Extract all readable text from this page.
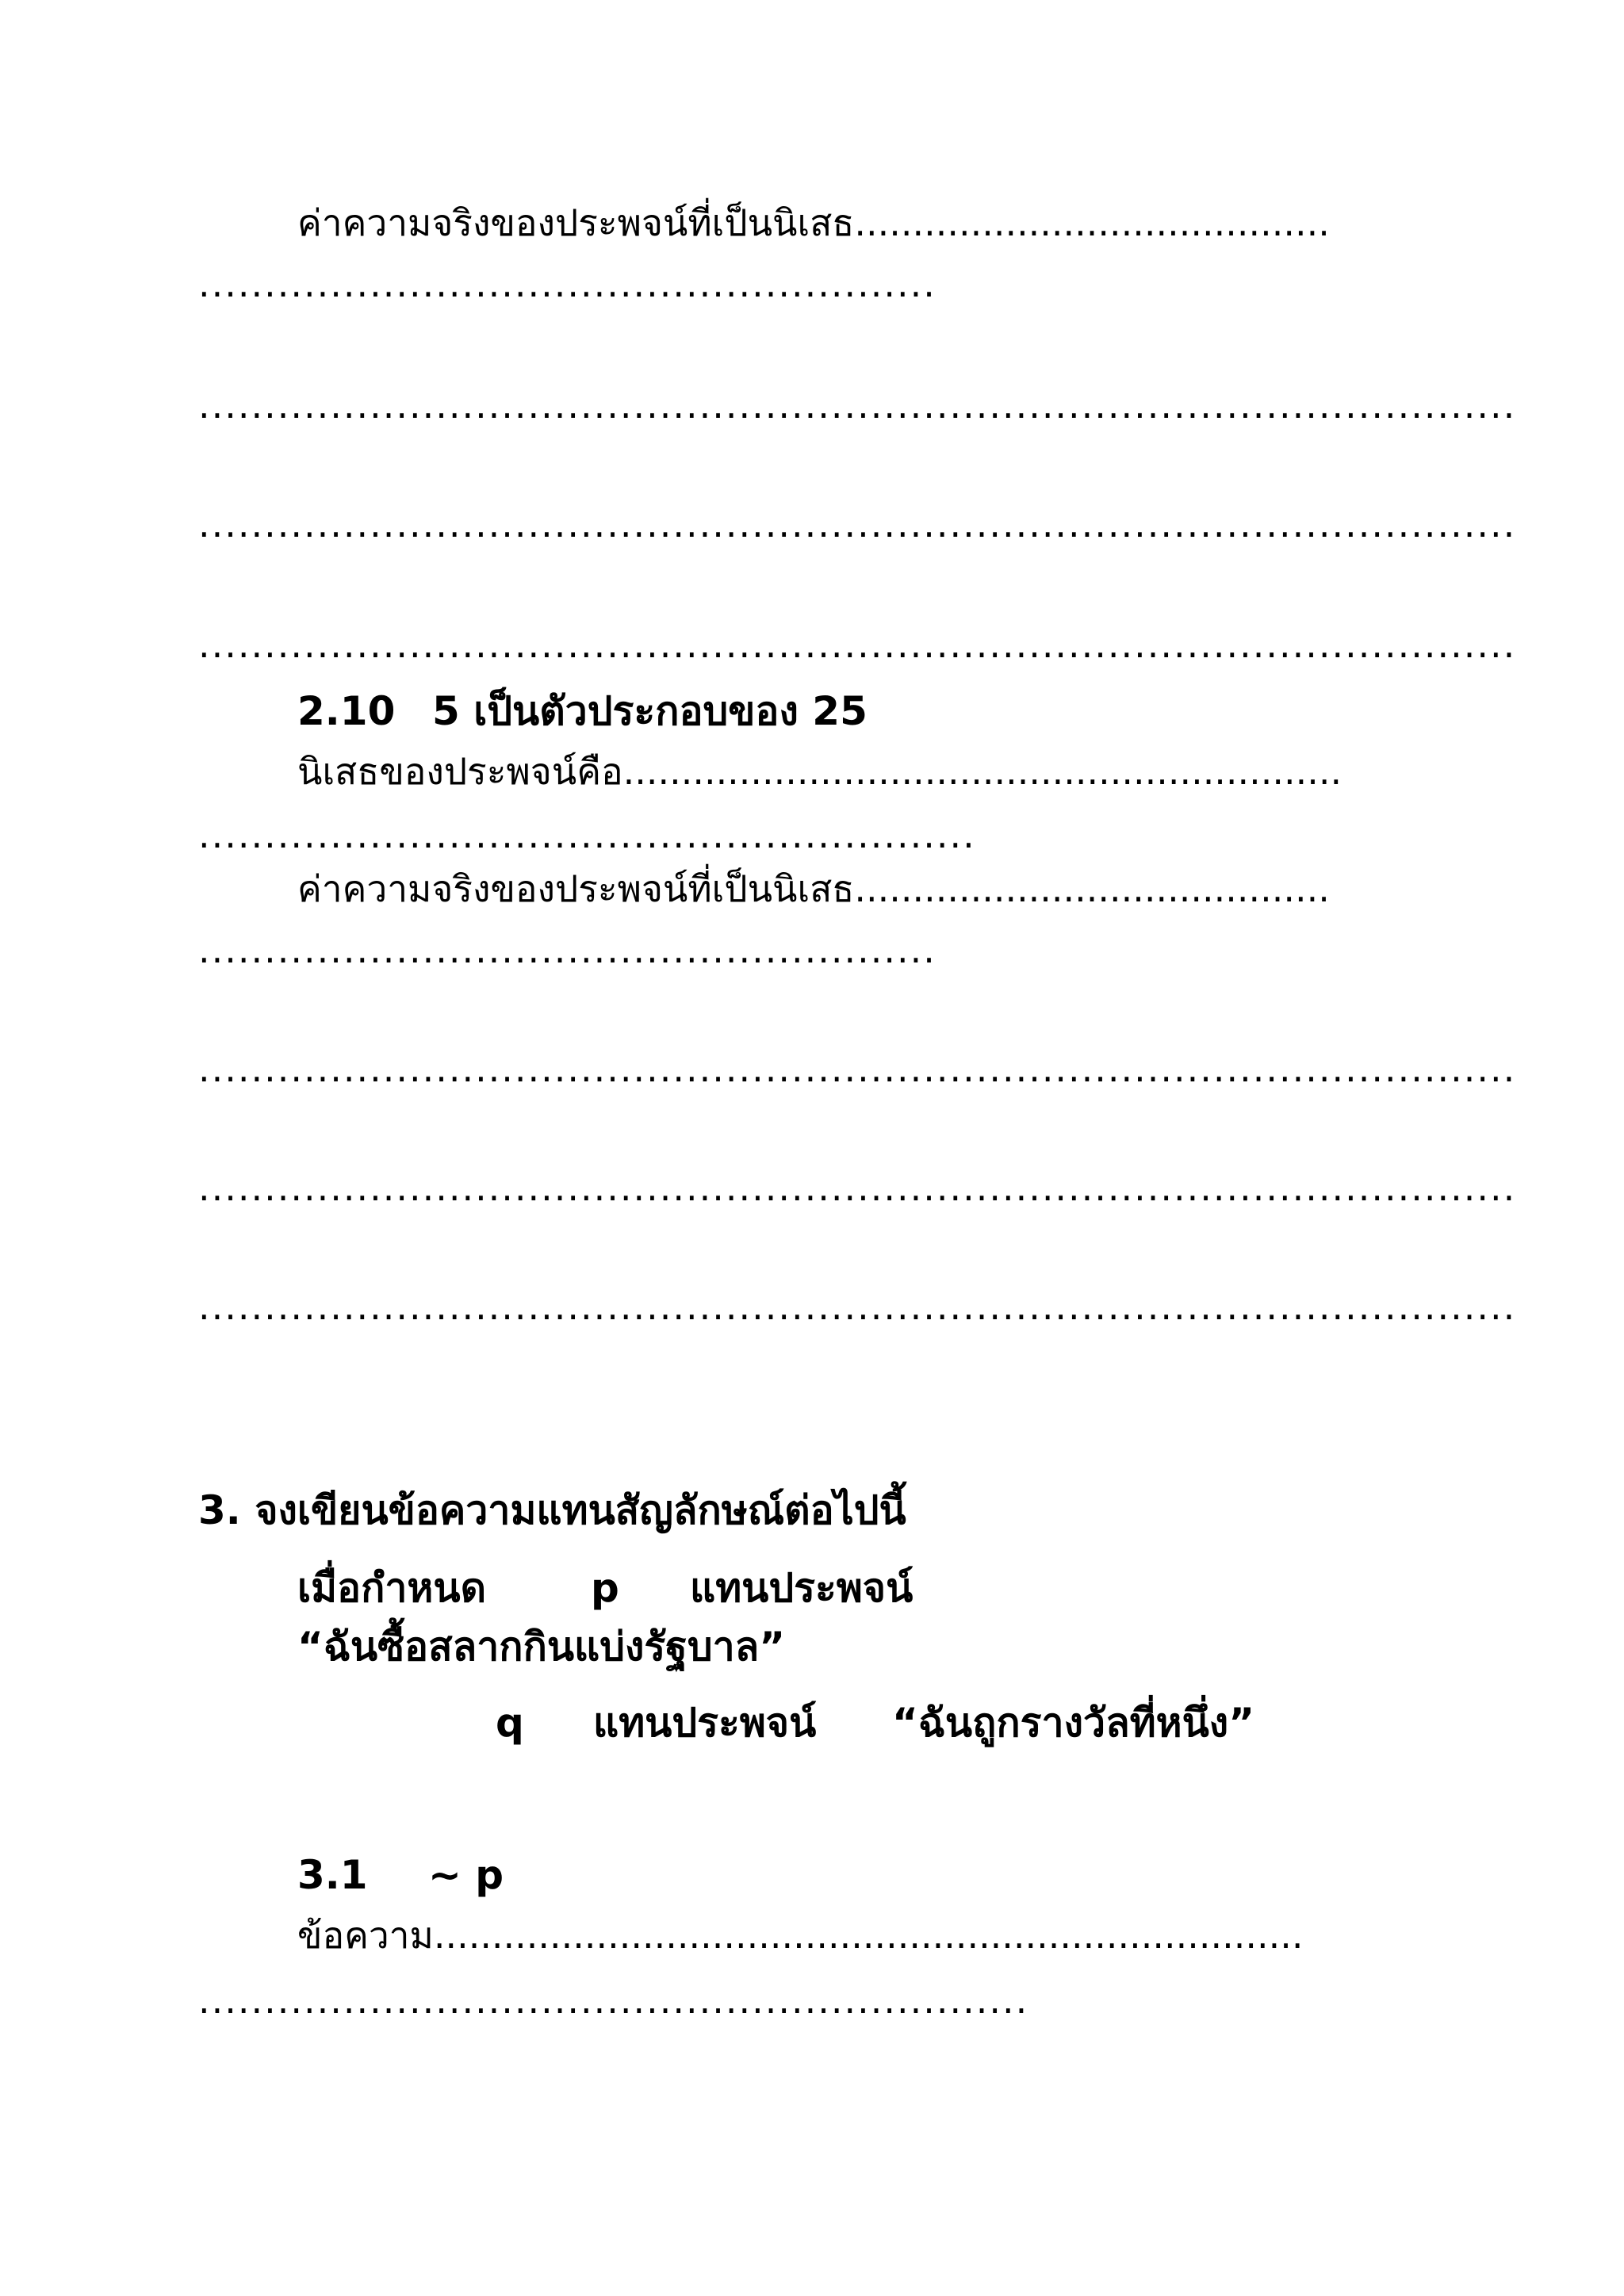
ค่าความจริงของประพจน์ที่เป็นนิเสธ.........................................
........................................................
....................................................................................................
....................................................................................................
....................................................................................................
2.10 5 เป็นตัวประกอบของ 25
นิเสธของประพจน์คือ..............................................................
...........................................................
ค่าความจริงของประพจน์ที่เป็นนิเสธ.........................................
........................................................
....................................................................................................
....................................................................................................
....................................................................................................
3. จงเขียนข้อความแทนสัญลักษณ์ต่อไปนี้
เมื่อกำหนด	p แทนประพจน์
“ฉันซื้อสลากกินแบ่งรัฐบาล”
q แทนประพจน์ “ฉันถูกรางวัลที่หนึ่ง”
3.1 ~ p
ข้อความ...........................................................................
...............................................................
